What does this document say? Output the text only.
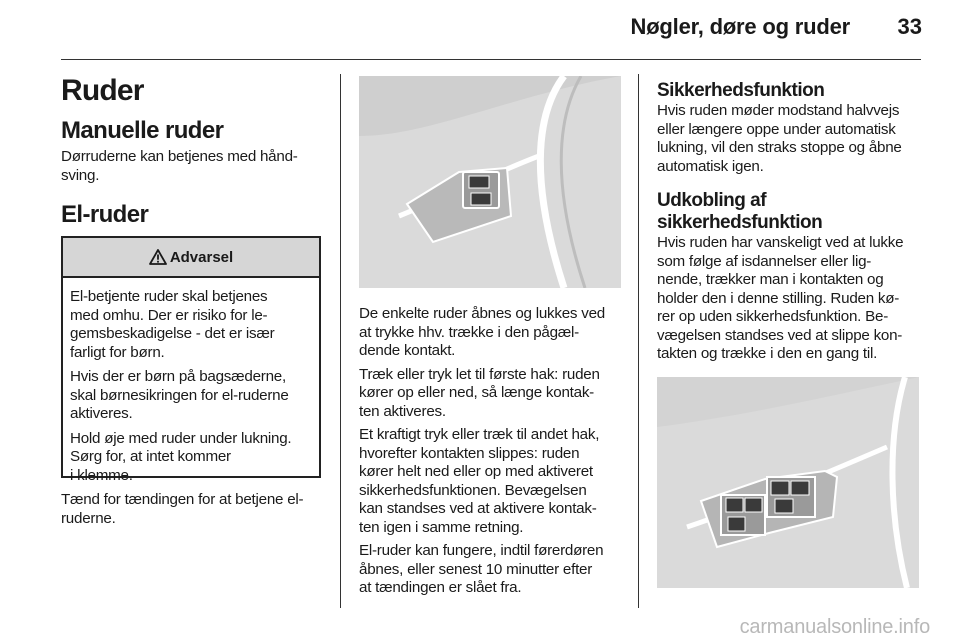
Nøgler, døre og ruder	33
Ruder
Manuelle ruder
Dørruderne kan betjenes med hånd-
sving.
El-ruder
Advarsel
El-betjente ruder skal betjenes
med omhu. Der er risiko for le-
gemsbeskadigelse - det er især
farligt for børn.
Hvis der er børn på bagsæderne,
skal børnesikringen for el-ruderne
aktiveres.
Hold øje med ruder under lukning.
Sørg for, at intet kommer
i klemme.
Tænd for tændingen for at betjene el-
ruderne.
De enkelte ruder åbnes og lukkes ved
at trykke hhv. trække i den pågæl-
dende kontakt.
Træk eller tryk let til første hak: ruden
kører op eller ned, så længe kontak-
ten aktiveres.
Et kraftigt tryk eller træk til andet hak,
hvorefter kontakten slippes: ruden
kører helt ned eller op med aktiveret
sikkerhedsfunktionen. Bevægelsen
kan standses ved at aktivere kontak-
ten igen i samme retning.
El-ruder kan fungere, indtil førerdøren
åbnes, eller senest 10 minutter efter
at tændingen er slået fra.
Sikkerhedsfunktion
Hvis ruden møder modstand halvvejs
eller længere oppe under automatisk
lukning, vil den straks stoppe og åbne
automatisk igen.
Udkobling af sikkerhedsfunktion
Hvis ruden har vanskeligt ved at lukke
som følge af isdannelser eller lig-
nende, trækker man i kontakten og
holder den i denne stilling. Ruden kø-
rer op uden sikkerhedsfunktion. Be-
vægelsen standses ved at slippe kon-
takten og trække i den en gang til.
carmanualsonline.info
